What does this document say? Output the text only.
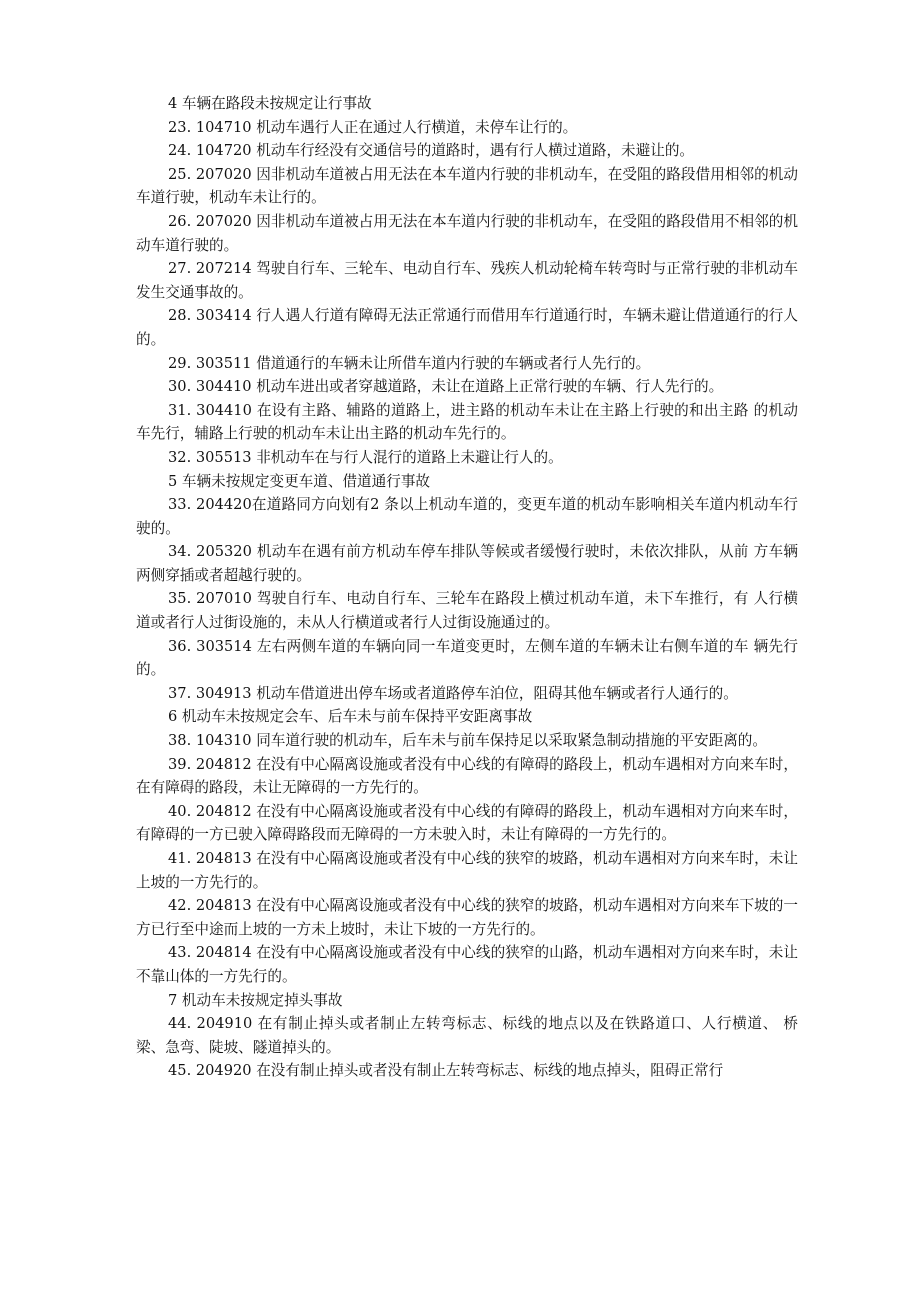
4 车辆在路段未按规定让行事故

23. 104710 机动车遇行人正在通过人行横道，未停车让行的。

24. 104720 机动车行经没有交通信号的道路时，遇有行人横过道路，未避让的。

25. 207020 因非机动车道被占用无法在本车道内行驶的非机动车，在受阻的路段借用相邻的机动车道行驶，机动车未让行的。

26. 207020 因非机动车道被占用无法在本车道内行驶的非机动车，在受阻的路段借用不相邻的机动车道行驶的。

27. 207214 驾驶自行车、三轮车、电动自行车、残疾人机动轮椅车转弯时与正常行驶的非机动车发生交通事故的。

28. 303414 行人遇人行道有障碍无法正常通行而借用车行道通行时，车辆未避让借道通行的行人的。

29. 303511 借道通行的车辆未让所借车道内行驶的车辆或者行人先行的。

30. 304410 机动车进出或者穿越道路，未让在道路上正常行驶的车辆、行人先行的。

31. 304410 在设有主路、辅路的道路上，进主路的机动车未让在主路上行驶的和出主路 的机动车先行，辅路上行驶的机动车未让出主路的机动车先行的。

32. 305513 非机动车在与行人混行的道路上未避让行人的。

5 车辆未按规定变更车道、借道通行事故

33. 204420在道路同方向划有2 条以上机动车道的，变更车道的机动车影响相关车道内机动车行驶的。

34. 205320 机动车在遇有前方机动车停车排队等候或者缓慢行驶时，未依次排队，从前 方车辆两侧穿插或者超越行驶的。

35. 207010 驾驶自行车、电动自行车、三轮车在路段上横过机动车道，未下车推行，有 人行横道或者行人过街设施的，未从人行横道或者行人过街设施通过的。

36. 303514 左右两侧车道的车辆向同一车道变更时，左侧车道的车辆未让右侧车道的车 辆先行的。

37. 304913 机动车借道进出停车场或者道路停车泊位，阻碍其他车辆或者行人通行的。

6 机动车未按规定会车、后车未与前车保持平安距离事故

38. 104310 同车道行驶的机动车，后车未与前车保持足以采取紧急制动措施的平安距离的。

39. 204812 在没有中心隔离设施或者没有中心线的有障碍的路段上，机动车遇相对方向来车时，在有障碍的路段，未让无障碍的一方先行的。

40. 204812 在没有中心隔离设施或者没有中心线的有障碍的路段上，机动车遇相对方向来车时，有障碍的一方已驶入障碍路段而无障碍的一方未驶入时，未让有障碍的一方先行的。

41. 204813 在没有中心隔离设施或者没有中心线的狭窄的坡路，机动车遇相对方向来车时，未让上坡的一方先行的。

42. 204813 在没有中心隔离设施或者没有中心线的狭窄的坡路，机动车遇相对方向来车下坡的一方已行至中途而上坡的一方未上坡时，未让下坡的一方先行的。

43. 204814 在没有中心隔离设施或者没有中心线的狭窄的山路，机动车遇相对方向来车时，未让不靠山体的一方先行的。

7 机动车未按规定掉头事故

44. 204910 在有制止掉头或者制止左转弯标志、标线的地点以及在铁路道口、人行横道、 桥梁、急弯、陡坡、隧道掉头的。

45. 204920 在没有制止掉头或者没有制止左转弯标志、标线的地点掉头，阻碍正常行
